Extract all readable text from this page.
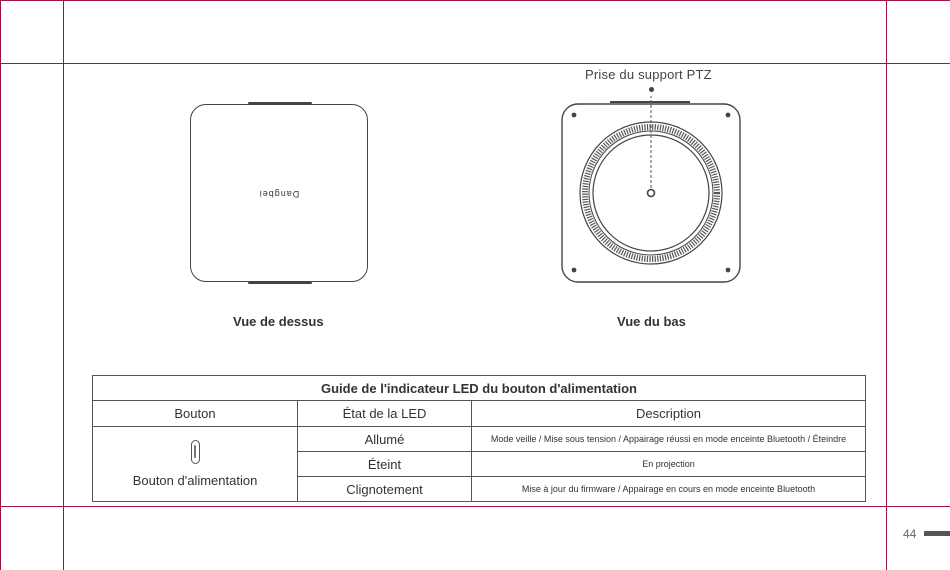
Dangbei
Prise du support PTZ
Vue de dessus	Vue du bas
Guide de l'indicateur LED du bouton d'alimentation		
Bouton	État de la LED	Description

Bouton d'alimentation	Allumé	Mode veille / Mise sous tension / Appairage réussi en mode enceinte Bluetooth / Éteindre
	Éteint	En projection
	Clignotement	Mise à jour du firmware / Appairage en cours en mode enceinte Bluetooth
44
